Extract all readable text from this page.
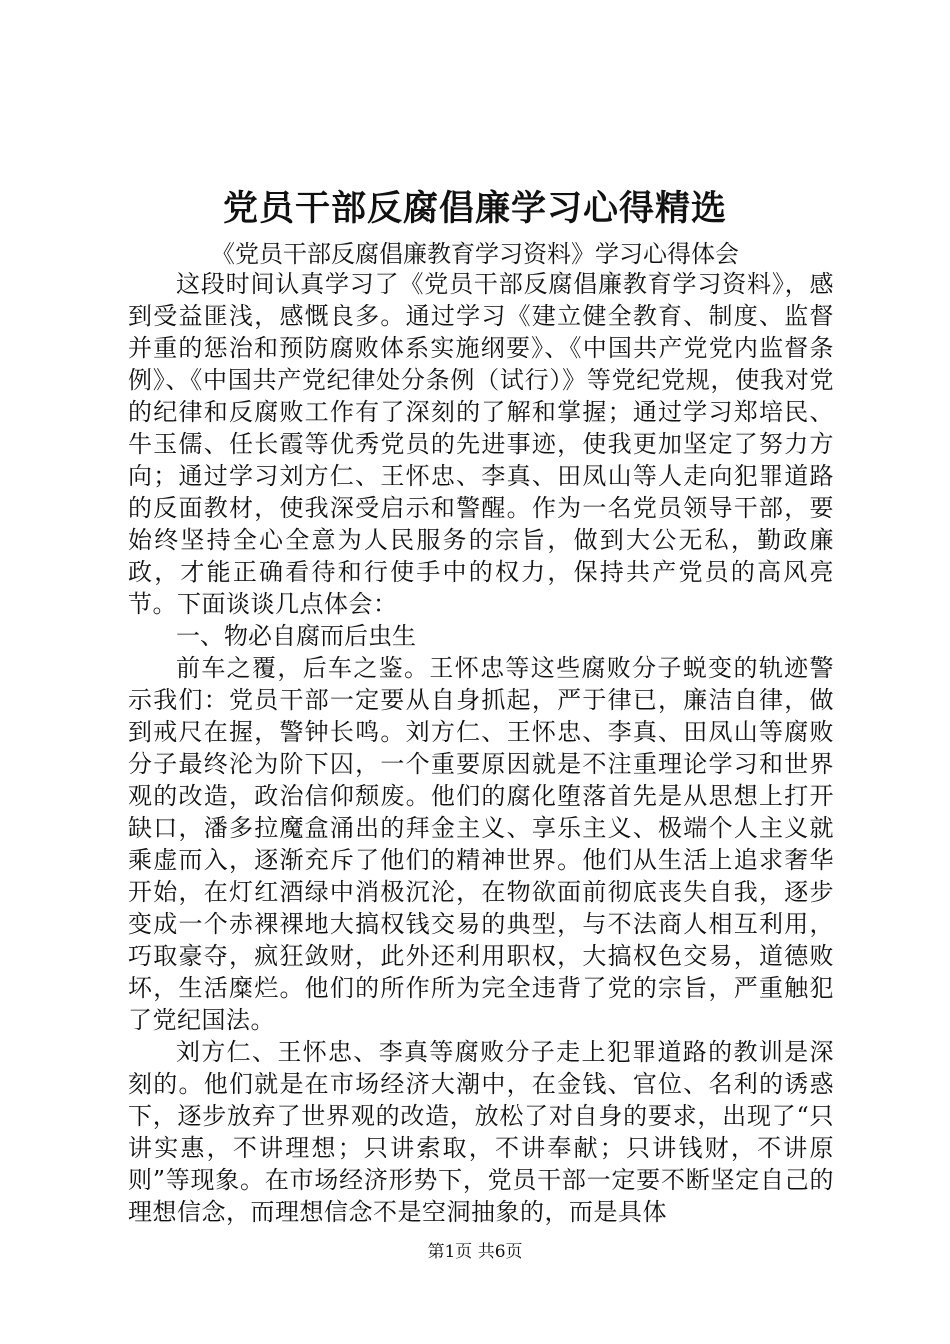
党员干部反腐倡廉学习心得精选
《党员干部反腐倡廉教育学习资料》学习心得体会

这段时间认真学习了《党员干部反腐倡廉教育学习资料》，感到受益匪浅，感慨良多。通过学习《建立健全教育、制度、监督并重的惩治和预防腐败体系实施纲要》、《中国共产党党内监督条例》、《中国共产党纪律处分条例（试行）》等党纪党规，使我对党的纪律和反腐败工作有了深刻的了解和掌握；通过学习郑培民、牛玉儒、任长霞等优秀党员的先进事迹，使我更加坚定了努力方向；通过学习刘方仁、王怀忠、李真、田凤山等人走向犯罪道路的反面教材，使我深受启示和警醒。作为一名党员领导干部，要始终坚持全心全意为人民服务的宗旨，做到大公无私，勤政廉政，才能正确看待和行使手中的权力，保持共产党员的高风亮节。下面谈谈几点体会：

一、物必自腐而后虫生

前车之覆，后车之鉴。王怀忠等这些腐败分子蜕变的轨迹警示我们：党员干部一定要从自身抓起，严于律已，廉洁自律，做到戒尺在握，警钟长鸣。刘方仁、王怀忠、李真、田凤山等腐败分子最终沦为阶下囚，一个重要原因就是不注重理论学习和世界观的改造，政治信仰颓废。他们的腐化堕落首先是从思想上打开缺口，潘多拉魔盒涌出的拜金主义、享乐主义、极端个人主义就乘虚而入，逐渐充斥了他们的精神世界。他们从生活上追求奢华开始，在灯红酒绿中消极沉沦，在物欲面前彻底丧失自我，逐步变成一个赤裸裸地大搞权钱交易的典型，与不法商人相互利用，巧取豪夺，疯狂敛财，此外还利用职权，大搞权色交易，道德败坏，生活糜烂。他们的所作所为完全违背了党的宗旨，严重触犯了党纪国法。

刘方仁、王怀忠、李真等腐败分子走上犯罪道路的教训是深刻的。他们就是在市场经济大潮中，在金钱、官位、名利的诱惑下，逐步放弃了世界观的改造，放松了对自身的要求，出现了“只讲实惠，不讲理想；只讲索取，不讲奉献；只讲钱财，不讲原则”等现象。在市场经济形势下，党员干部一定要不断坚定自己的理想信念，而理想信念不是空洞抽象的，而是具体

第1页 共6页
